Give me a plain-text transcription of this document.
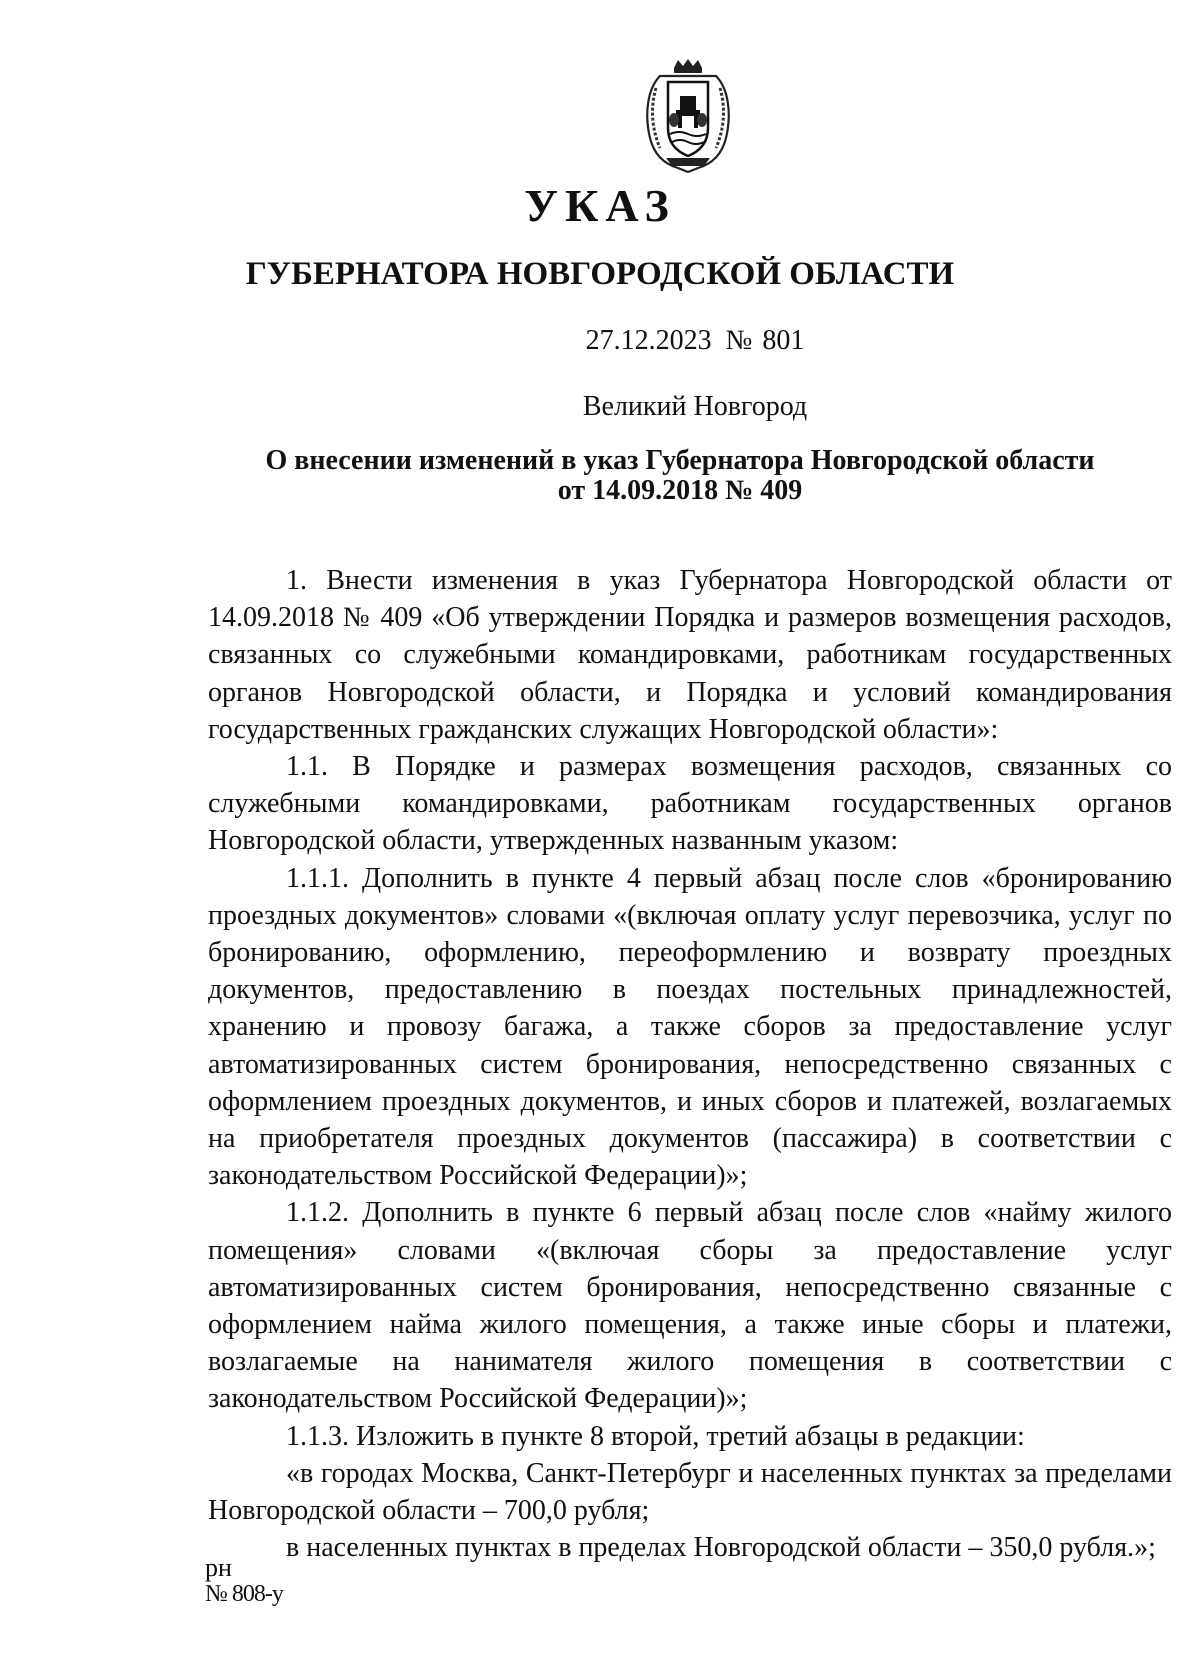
УКАЗ
ГУБЕРНАТОРА НОВГОРОДСКОЙ ОБЛАСТИ
27.12.2023 № 801
Великий Новгород
О внесении изменений в указ Губернатора Новгородской области
от 14.09.2018 № 409

1. Внести изменения в указ Губернатора Новгородской области от 14.09.2018 № 409 «Об утверждении Порядка и размеров возмещения расходов, связанных со служебными командировками, работникам государственных органов Новгородской области, и Порядка и условий командирования государственных гражданских служащих Новгородской области»:

1.1. В Порядке и размерах возмещения расходов, связанных со служебными командировками, работникам государственных органов Новгородской области, утвержденных названным указом:

1.1.1. Дополнить в пункте 4 первый абзац после слов «бронированию проездных документов» словами «(включая оплату услуг перевозчика, услуг по бронированию, оформлению, переоформлению и возврату проездных документов, предоставлению в поездах постельных принадлежностей, хранению и провозу багажа, а также сборов за предоставление услуг автоматизированных систем бронирования, непосредственно связанных с оформлением проездных документов, и иных сборов и платежей, возлагаемых на приобретателя проездных документов (пассажира) в соответствии с законодательством Российской Федерации)»;

1.1.2. Дополнить в пункте 6 первый абзац после слов «найму жилого помещения» словами «(включая сборы за предоставление услуг автоматизированных систем бронирования, непосредственно связанные с оформлением найма жилого помещения, а также иные сборы и платежи, возлагаемые на нанимателя жилого помещения в соответствии с законодательством Российской Федерации)»;

1.1.3. Изложить в пункте 8 второй, третий абзацы в редакции:

«в городах Москва, Санкт-Петербург и населенных пунктах за пределами Новгородской области – 700,0 рубля;

в населенных пунктах в пределах Новгородской области – 350,0 рубля.»;

рн
№ 808-у
